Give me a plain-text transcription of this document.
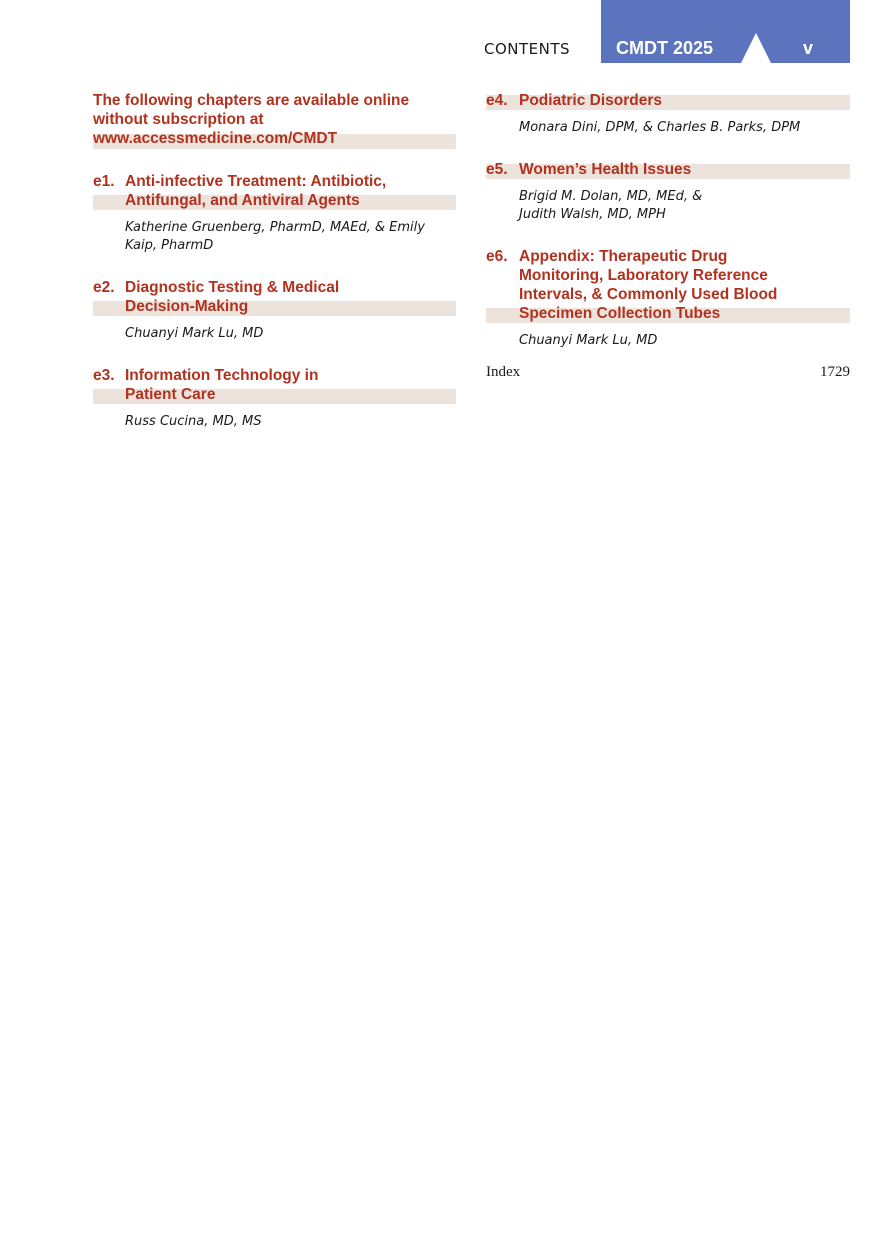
CONTENTS	CMDT 2025	v
The following chapters are available online without subscription at www.accessmedicine.com/CMDT
e1. Anti-infective Treatment: Antibiotic, Antifungal, and Antiviral Agents
Katherine Gruenberg, PharmD, MAEd, & Emily Kaip, PharmD
e2. Diagnostic Testing & Medical Decision-Making
Chuanyi Mark Lu, MD
e3. Information Technology in Patient Care
Russ Cucina, MD, MS
e4. Podiatric Disorders
Monara Dini, DPM, & Charles B. Parks, DPM
e5. Women’s Health Issues
Brigid M. Dolan, MD, MEd, & Judith Walsh, MD, MPH
e6. Appendix: Therapeutic Drug Monitoring, Laboratory Reference Intervals, & Commonly Used Blood Specimen Collection Tubes
Chuanyi Mark Lu, MD
Index	1729
